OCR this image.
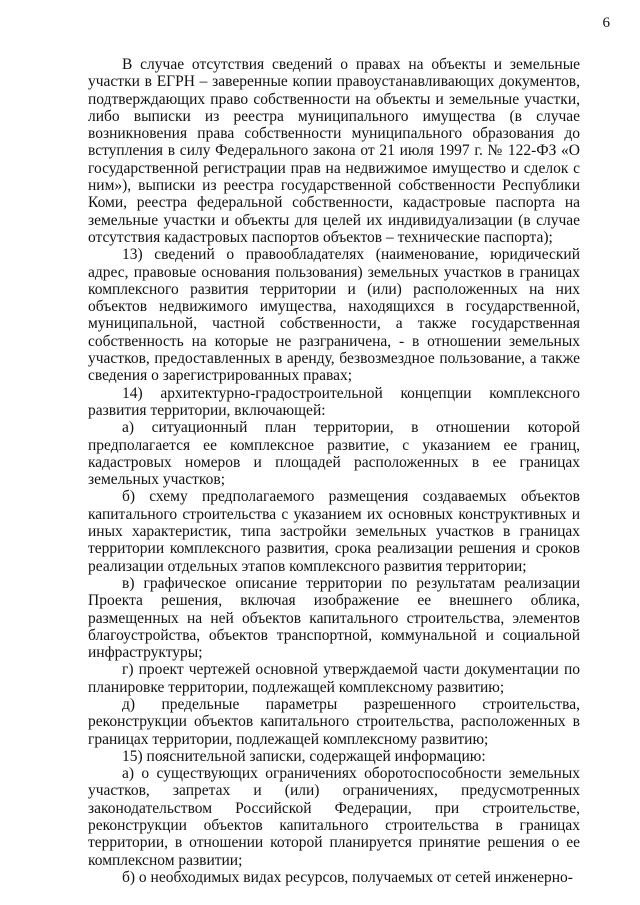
6

В случае отсутствия сведений о правах на объекты и земельные участки в ЕГРН – заверенные копии правоустанавливающих документов, подтверждающих право собственности на объекты и земельные участки, либо выписки из реестра муниципального имущества (в случае возникновения права собственности муниципального образования до вступления в силу Федерального закона от 21 июля 1997 г. № 122-ФЗ «О государственной регистрации прав на недвижимое имущество и сделок с ним»), выписки из реестра государственной собственности Республики Коми, реестра федеральной собственности, кадастровые паспорта на земельные участки и объекты для целей их индивидуализации (в случае отсутствия кадастровых паспортов объектов – технические паспорта);

13) сведений о правообладателях (наименование, юридический адрес, правовые основания пользования) земельных участков в границах комплексного развития территории и (или) расположенных на них объектов недвижимого имущества, находящихся в государственной, муниципальной, частной собственности, а также государственная собственность на которые не разграничена, - в отношении земельных участков, предоставленных в аренду, безвозмездное пользование, а также сведения о зарегистрированных правах;

14) архитектурно-градостроительной концепции комплексного развития территории, включающей:

а) ситуационный план территории, в отношении которой предполагается ее комплексное развитие, с указанием ее границ, кадастровых номеров и площадей расположенных в ее границах земельных участков;

б) схему предполагаемого размещения создаваемых объектов капитального строительства с указанием их основных конструктивных и иных характеристик, типа застройки земельных участков в границах территории комплексного развития, срока реализации решения и сроков реализации отдельных этапов комплексного развития территории;

в) графическое описание территории по результатам реализации Проекта решения, включая изображение ее внешнего облика, размещенных на ней объектов капитального строительства, элементов благоустройства, объектов транспортной, коммунальной и социальной инфраструктуры;

г) проект чертежей основной утверждаемой части документации по планировке территории, подлежащей комплексному развитию;

д) предельные параметры разрешенного строительства, реконструкции объектов капитального строительства, расположенных в границах территории, подлежащей комплексному развитию;

15) пояснительной записки, содержащей информацию:

а) о существующих ограничениях оборотоспособности земельных участков, запретах и (или) ограничениях, предусмотренных законодательством Российской Федерации, при строительстве, реконструкции объектов капитального строительства в границах территории, в отношении которой планируется принятие решения о ее комплексном развитии;

б) о необходимых видах ресурсов, получаемых от сетей инженерно-
